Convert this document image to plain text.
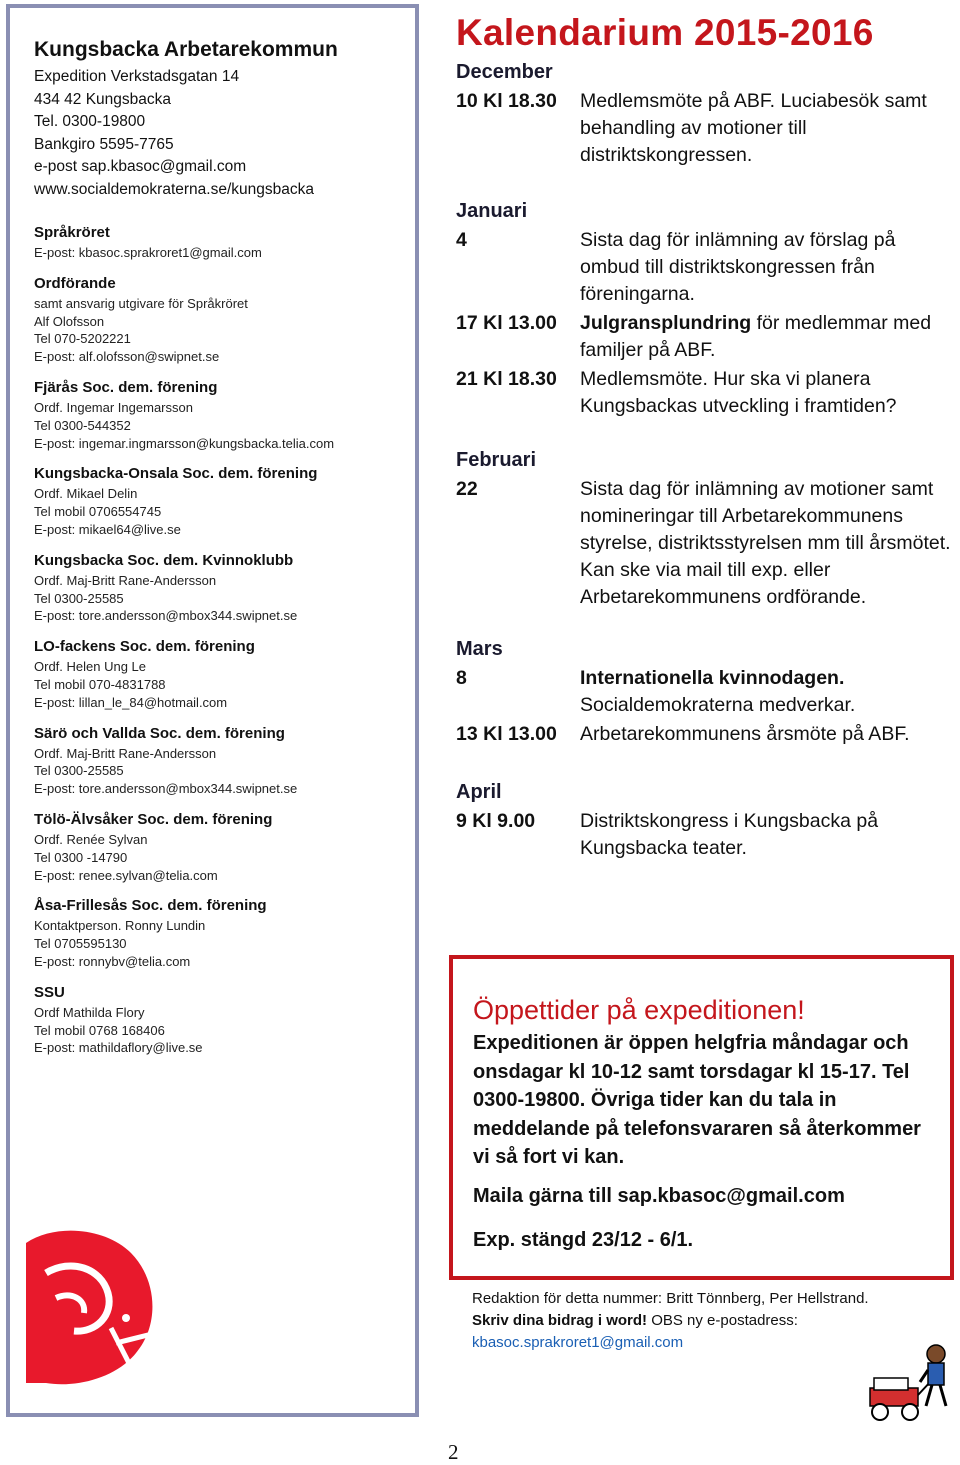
Kungsbacka Arbetarekommun
Expedition Verkstadsgatan 14
434 42 Kungsbacka
Tel. 0300-19800
Bankgiro 5595-7765
e-post sap.kbasoc@gmail.com
www.socialdemokraterna.se/kungsbacka
Språkröret
E-post: kbasoc.sprakroret1@gmail.com
Ordförande
samt ansvarig utgivare för Språkröret
Alf Olofsson
Tel 070-5202221
E-post: alf.olofsson@swipnet.se
Fjärås Soc. dem. förening
Ordf. Ingemar Ingemarsson
Tel 0300-544352
E-post: ingemar.ingmarsson@kungsbacka.telia.com
Kungsbacka-Onsala Soc. dem. förening
Ordf. Mikael Delin
Tel mobil 0706554745
E-post: mikael64@live.se
Kungsbacka Soc. dem. Kvinnoklubb
Ordf. Maj-Britt Rane-Andersson
Tel 0300-25585
E-post: tore.andersson@mbox344.swipnet.se
LO-fackens Soc. dem. förening
Ordf. Helen Ung Le
Tel mobil 070-4831788
E-post: lillan_le_84@hotmail.com
Särö och Vallda Soc. dem. förening
Ordf. Maj-Britt Rane-Andersson
Tel 0300-25585
E-post: tore.andersson@mbox344.swipnet.se
Tölö-Älvsåker Soc. dem. förening
Ordf. Renée Sylvan
Tel 0300 -14790
E-post: renee.sylvan@telia.com
Åsa-Frillesås Soc. dem. förening
Kontaktperson. Ronny Lundin
Tel 0705595130
E-post: ronnybv@telia.com
SSU
Ordf Mathilda Flory
Tel mobil 0768 168406
E-post: mathildaflory@live.se
Kalendarium 2015-2016
December
10 Kl 18.30	Medlemsmöte på ABF. Luciabesök samt behandling av motioner till distriktskongressen.
Januari
4	Sista dag för inlämning av förslag på ombud till distriktskongressen från föreningarna.
17 Kl 13.00	Julgransplundring för medlemmar med familjer på ABF.
21 Kl 18.30	Medlemsmöte. Hur ska vi planera Kungsbackas utveckling i framtiden?
Februari
22	Sista dag för inlämning av motioner samt nomineringar till Arbetarekommunens styrelse, distriktsstyrelsen mm till årsmötet. Kan ske via mail till exp. eller Arbetarekommunens ordförande.
Mars
8	Internationella kvinnodagen. Socialdemokraterna medverkar.
13 Kl 13.00	Arbetarekommunens årsmöte på ABF.
April
9 Kl 9.00	Distriktskongress i Kungsbacka på Kungsbacka teater.
Öppettider på expeditionen!
Expeditionen är öppen helgfria måndagar och onsdagar kl 10-12 samt torsdagar kl 15-17. Tel 0300-19800. Övriga tider kan du tala in meddelande på telefonsvararen så återkommer vi så fort vi kan.
Maila gärna till sap.kbasoc@gmail.com
Exp. stängd 23/12 - 6/1.
Redaktion för detta nummer: Britt Tönnberg, Per Hellstrand.
Skriv dina bidrag i word! OBS ny e-postadress:
kbasoc.sprakroret1@gmail.com
2
